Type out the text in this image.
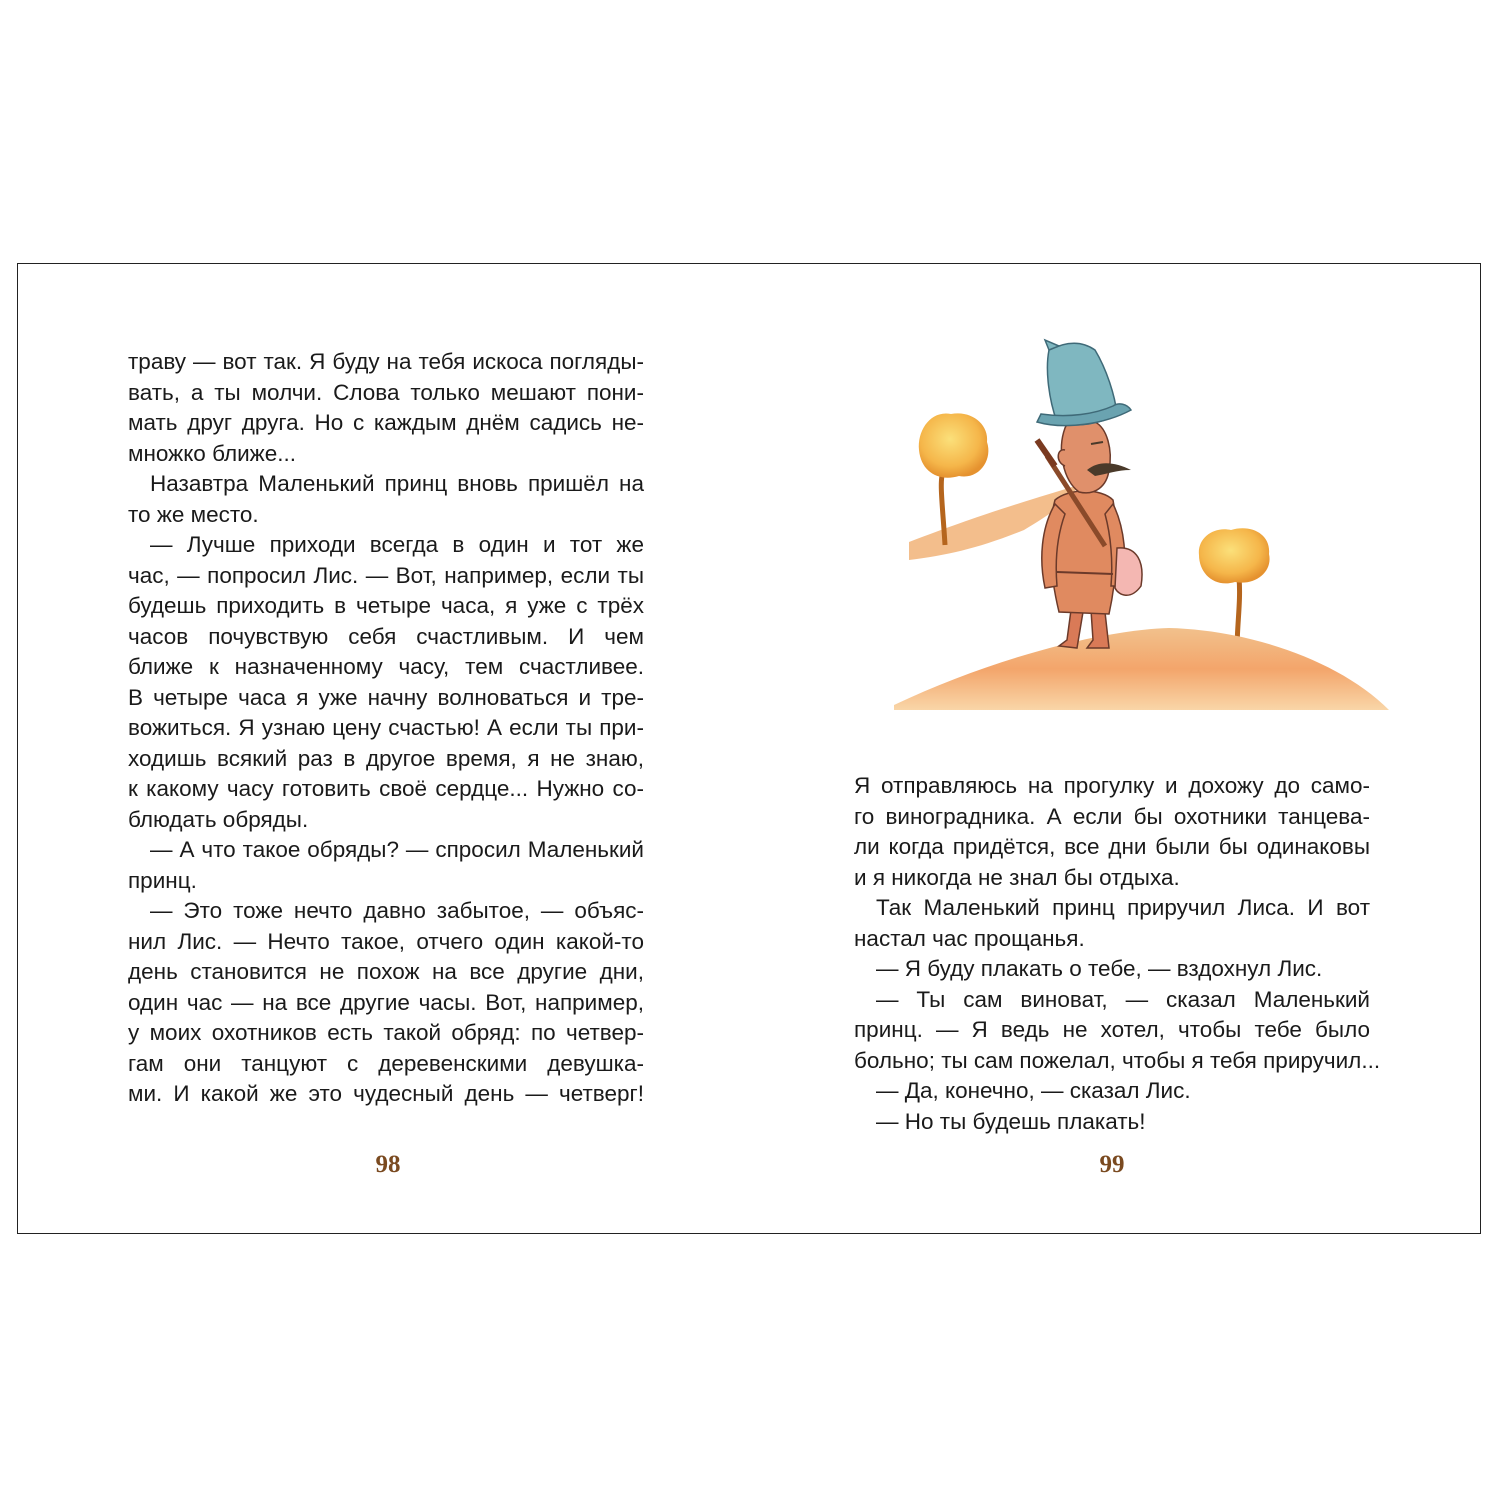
траву — вот так. Я буду на тебя искоса погляды-

вать, а ты молчи. Слова только мешают пони-

мать друг друга. Но с каждым днём садись не-

множко ближе...

Назавтра Маленький принц вновь пришёл на

то же место.

— Лучше приходи всегда в один и тот же

час, — попросил Лис. — Вот, например, если ты

будешь приходить в четыре часа, я уже с трёх

часов почувствую себя счастливым. И чем

ближе к назначенному часу, тем счастливее.

В четыре часа я уже начну волноваться и тре-

вожиться. Я узнаю цену счастью! А если ты при-

ходишь всякий раз в другое время, я не знаю,

к какому часу готовить своё сердце... Нужно со-

блюдать обряды.

— А что такое обряды? — спросил Маленький

принц.

— Это тоже нечто давно забытое, — объяс-

нил Лис. — Нечто такое, отчего один какой-то

день становится не похож на все другие дни,

один час — на все другие часы. Вот, например,

у моих охотников есть такой обряд: по четвер-

гам они танцуют с деревенскими девушка-

ми. И какой же это чудесный день — четверг!

98

Я отправляюсь на прогулку и дохожу до само-

го виноградника. А если бы охотники танцева-

ли когда придётся, все дни были бы одинаковы

и я никогда не знал бы отдыха.

Так Маленький принц приручил Лиса. И вот

настал час прощанья.

— Я буду плакать о тебе, — вздохнул Лис.

— Ты сам виноват, — сказал Маленький

принц. — Я ведь не хотел, чтобы тебе было

больно; ты сам пожелал, чтобы я тебя приручил...

— Да, конечно, — сказал Лис.

— Но ты будешь плакать!

99
